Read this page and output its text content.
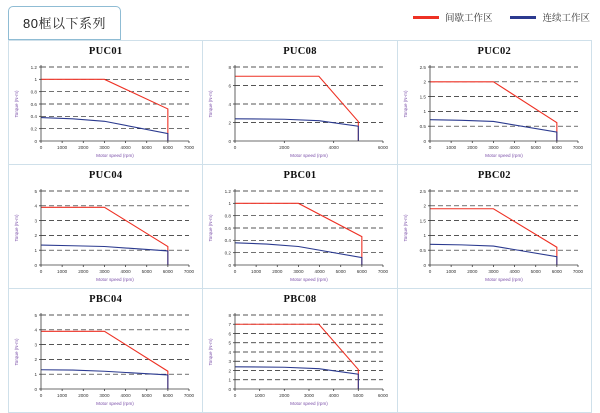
80框以下系列	间歇工作区	连续工作区
PUC01
0	1000 2000 3000 4000 5000 6000 7000
0
0.2
0.4
0.6
0.8
1
1.2
Motor speed (rpm)
Torque (N-m)
PUC08
0	2000	4000	6000
0
2
4
6
8
Motor speed (rpm)
Torque (N-m)
PUC02
0	1000 2000 3000 4000 5000 6000 7000
0
0.5
1
1.5
2
2.5
Motor speed (rpm)
Torque (N-m)
PUC04
0	1000 2000 3000 4000 5000 6000 7000
0
1
2
3
4
5
Motor speed (rpm)
Torque (N-m)
PBC01
0	1000 2000 3000 4000 5000 6000 7000
0
0.2
0.4
0.6
0.8
1
1.2
Motor speed (rpm)
Torque (N-m)
PBC02
0	1000 2000 3000 4000 5000 6000 7000
0
0.5
1
1.5
2
2.5
Motor speed (rpm)
Torque (N-m)
PBC04
0	1000 2000 3000 4000 5000 6000 7000
0
1
2
3
4
5
Motor speed (rpm)
Torque (N-m)
PBC08
0	1000	2000	3000	4000	5000	6000
0
1
2
3
4
5
6
7
8
Motor speed (rpm)
Torque (N-m)
